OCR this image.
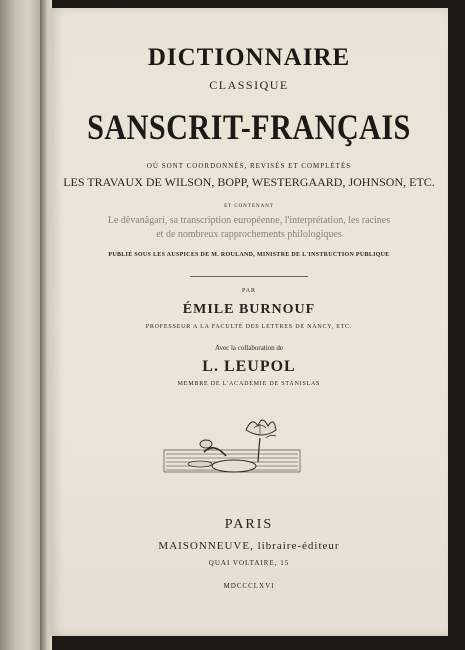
DICTIONNAIRE
CLASSIQUE
SANSCRIT-FRANÇAIS
OÙ SONT COORDONNÉS, REVISÉS ET COMPLÉTÉS
LES TRAVAUX DE WILSON, BOPP, WESTERGAARD, JOHNSON, ETC.
ET CONTENANT
Le dêvanâgari, sa transcription européenne, l'interprétation, les racines
et de nombreux rapprochements philologiques
PUBLIÉ SOUS LES AUSPICES DE M. ROULAND, MINISTRE DE L'INSTRUCTION PUBLIQUE
PAR
ÉMILE BURNOUF
PROFESSEUR A LA FACULTÉ DES LETTRES DE NANCY, ETC.
Avec la collaboration de
L. LEUPOL
MEMBRE DE L'ACADÉMIE DE STANISLAS
PARIS
MAISONNEUVE, libraire-éditeur
QUAI VOLTAIRE, 15
MDCCCLXVI
